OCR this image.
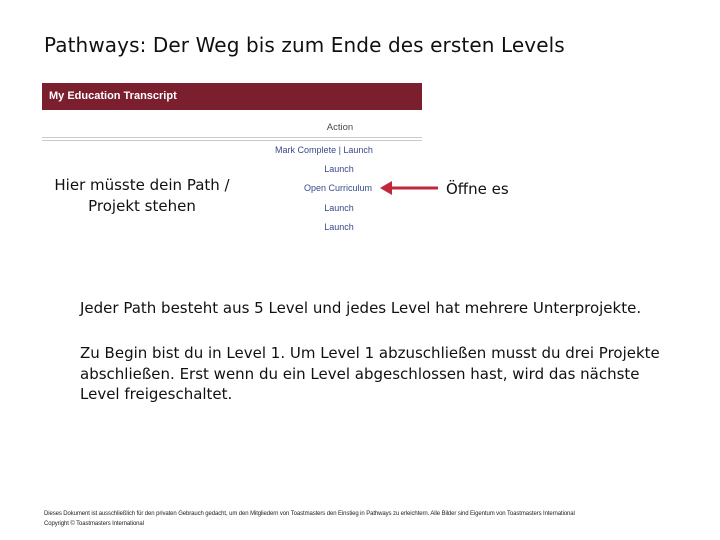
Pathways: Der Weg bis zum Ende des ersten Levels
My Education Transcript
Action
Mark Complete | Launch
Launch
Open Curriculum
Launch
Launch
Hier müsste dein Path /
Projekt stehen
Öffne es
Jeder Path besteht aus 5 Level und jedes Level hat mehrere Unterprojekte.
Zu Begin bist du in Level 1. Um Level 1 abzuschließen musst du drei Projekte
abschließen. Erst wenn du ein Level abgeschlossen hast, wird das nächste
Level freigeschaltet.
Dieses Dokument ist ausschließlich für den privaten Gebrauch gedacht, um den Mitgliedern von Toastmasters den Einstieg in Pathways zu erleichtern. Alle Bilder sind Eigentum von Toastmasters International
Copyright © Toastmasters International
